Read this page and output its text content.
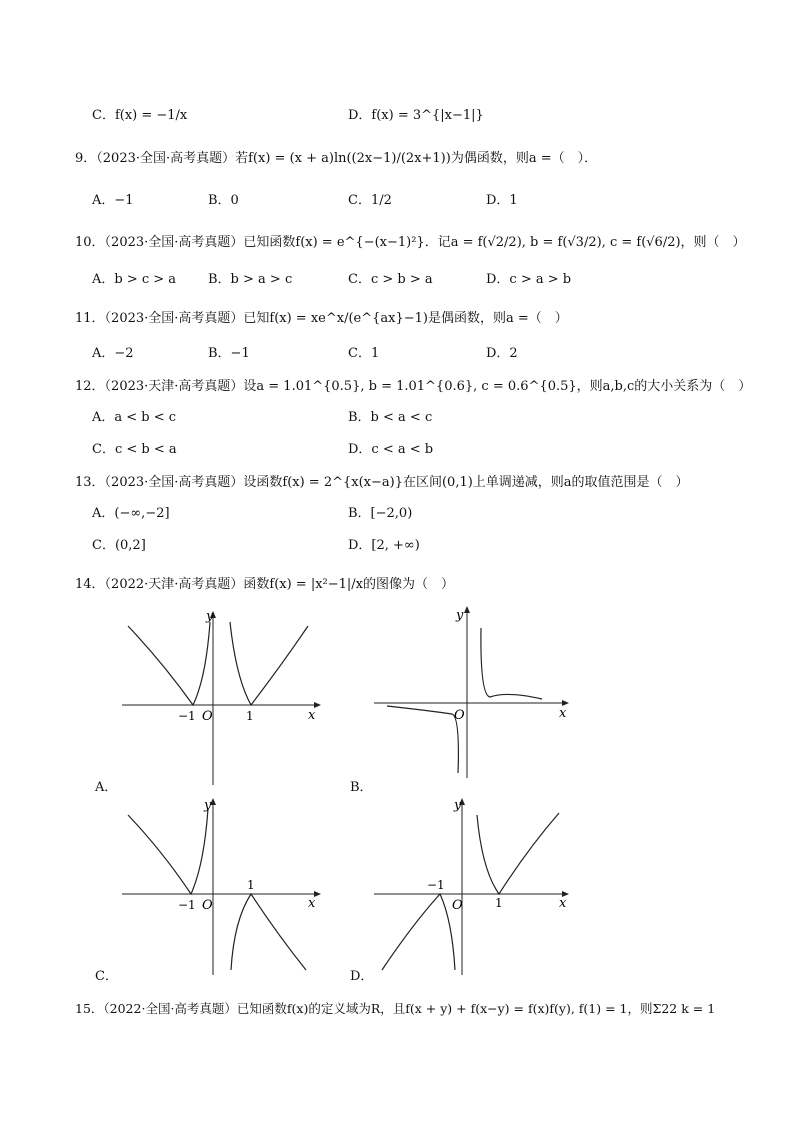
C．f(x) = −1/x	D．f(x) = 3^{|x−1|}
9．（2023·全国·高考真题）若f(x) = (x + a)ln((2x−1)/(2x+1))为偶函数，则a =（　）．
A．−1	B．0	C．1/2	D．1
10．（2023·全国·高考真题）已知函数f(x) = e^{−(x−1)²}．记a = f(√2/2), b = f(√3/2), c = f(√6/2)，则（　）
A．b > c > a B．b > a > c	C．c > b > a	D．c > a > b
11．（2023·全国·高考真题）已知f(x) = xe^x/(e^{ax}−1)是偶函数，则a =（　）
A．−2	B．−1	C．1	D．2
12．（2023·天津·高考真题）设a = 1.01^{0.5}, b = 1.01^{0.6}, c = 0.6^{0.5}，则a,b,c的大小关系为（　）
A．a < b < c	B．b < a < c
C．c < b < a	D．c < a < b
13．（2023·全国·高考真题）设函数f(x) = 2^{x(x−a)}在区间(0,1)上单调递减，则a的取值范围是（　）
A．(−∞,−2]	B．[−2,0)
C．(0,2]	D．[2, +∞)
14．（2022·天津·高考真题）函数f(x) = |x²−1|/x的图像为（　）
y
x
O
−1	1
A．
y
x
O
B．
y
x
O
−1
1
C．
y
x
O
−1
1
D．
15．（2022·全国·高考真题）已知函数f(x)的定义域为R，且f(x + y) + f(x−y) = f(x)f(y), f(1) = 1，则Σ22 k = 1
